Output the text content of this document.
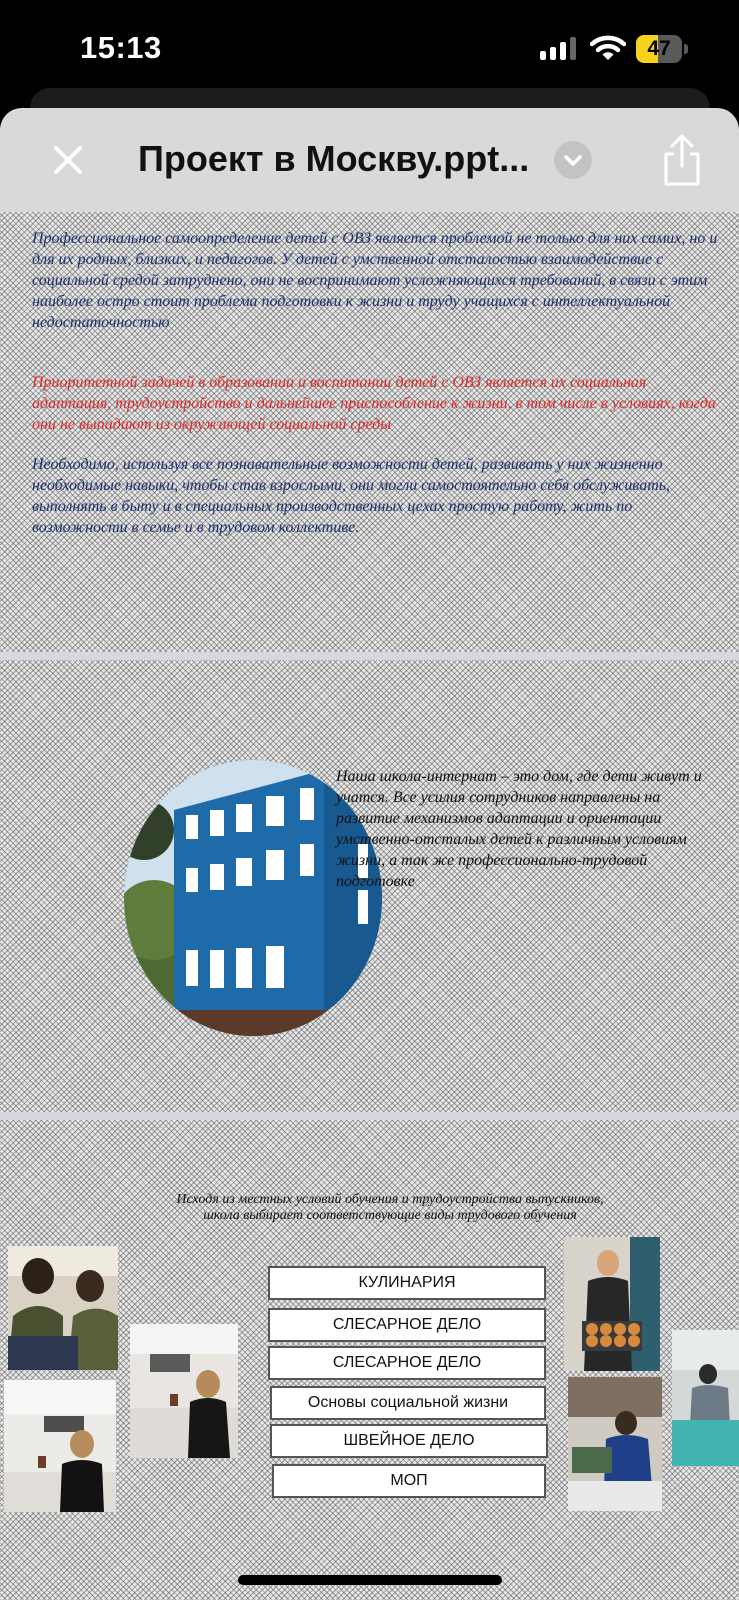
15:13	47
Проект в Москву.ppt...
Профессиональное самоопределение детей с ОВЗ является проблемой не только для них самих, но и для их родных, близких, и педагогов. У детей с умственной отсталостью взаимодействие с социальной средой затруднено, они не воспринимают усложняющихся требований, в связи с этим наиболее остро стоит проблема подготовки к жизни и труду учащихся с интеллектуальной недостаточностью
Приоритетной задачей в образовании и воспитании детей с ОВЗ является их социальная адаптация, трудоустройство и дальнейшее приспособление к жизни, в том числе в условиях, когда они не выпадают из окружающей социальной среды
Необходимо, используя все познавательные возможности детей, развивать у них жизненно необходимые навыки, чтобы став взрослыми, они могли самостоятельно себя обслуживать, выполнять в быту и в специальных производственных цехах простую работу, жить по возможности в семье и в трудовом коллективе.
Наша школа-интернат – это дом, где дети живут и учатся. Все усилия сотрудников направлены на развитие механизмов адаптации и ориентации умственно-отсталых детей к различным условиям жизни, а так же профессионально-трудовой подготовке
Исходя из местных условий обучения и трудоустройства выпускников, школа выбирает соответствующие виды трудового обучения
КУЛИНАРИЯ
СЛЕСАРНОЕ ДЕЛО
СЛЕСАРНОЕ ДЕЛО
Основы социальной жизни
ШВЕЙНОЕ ДЕЛО
МОП
